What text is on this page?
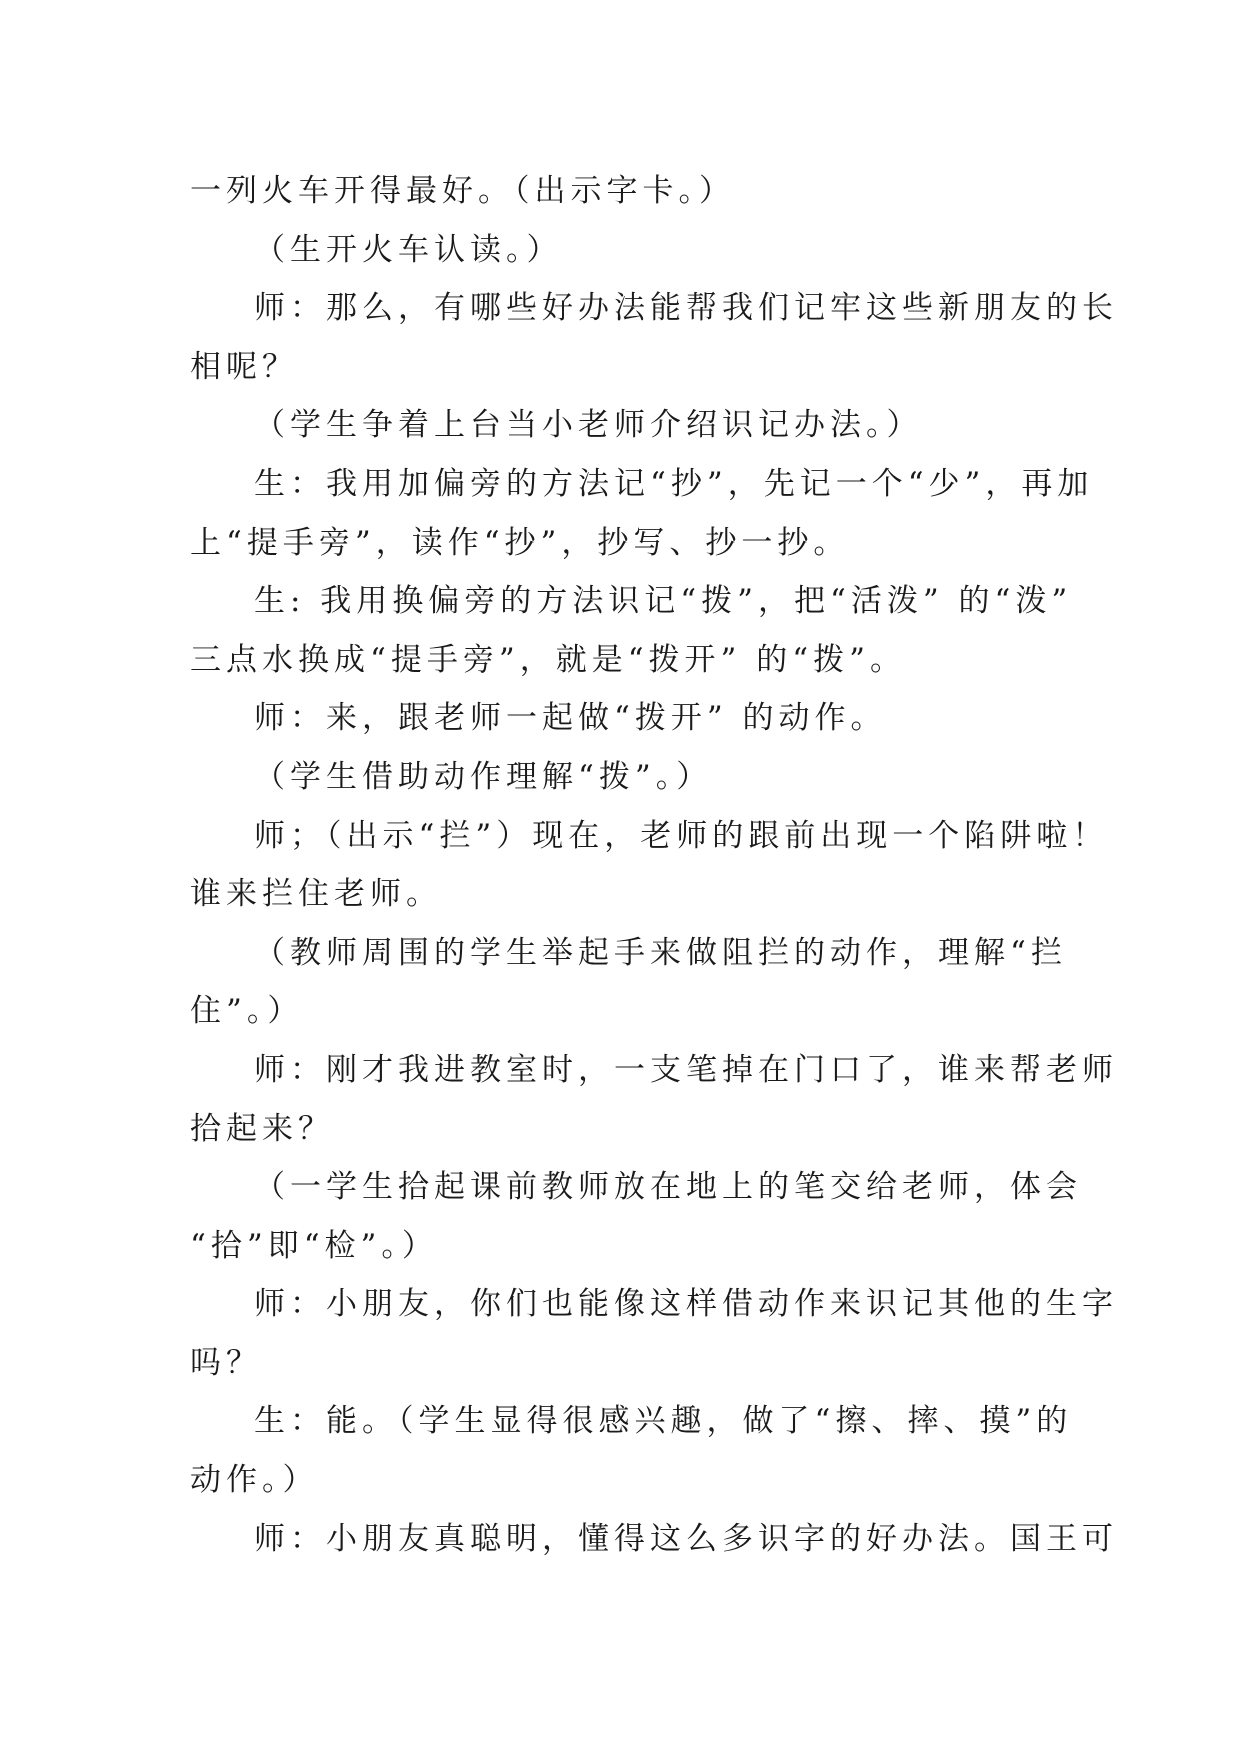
一列火车开得最好。（出示字卡。）
（生开火车认读。）
师：那么，有哪些好办法能帮我们记牢这些新朋友的长
相呢？
（学生争着上台当小老师介绍识记办法。）
生：我用加偏旁的方法记“抄”，先记一个“少”，再加
上“提手旁”，读作“抄”，抄写、抄一抄。
生: 我用换偏旁的方法识记“拨”，把“活泼” 的“泼”
三点水换成“提手旁”，就是“拨开” 的“拨”。
师：来，跟老师一起做“拨开” 的动作。
（学生借助动作理解“拨”。）
师；（出示“拦”）现在，老师的跟前出现一个陷阱啦！
谁来拦住老师。
（教师周围的学生举起手来做阻拦的动作，理解“拦
住”。）
师：刚才我进教室时，一支笔掉在门口了，谁来帮老师
拾起来？
（一学生拾起课前教师放在地上的笔交给老师，体会
“拾”即“检”。）
师：小朋友，你们也能像这样借动作来识记其他的生字
吗？
生：能。（学生显得很感兴趣，做了“擦、摔、摸”的
动作。）
师：小朋友真聪明，懂得这么多识字的好办法。国王可
